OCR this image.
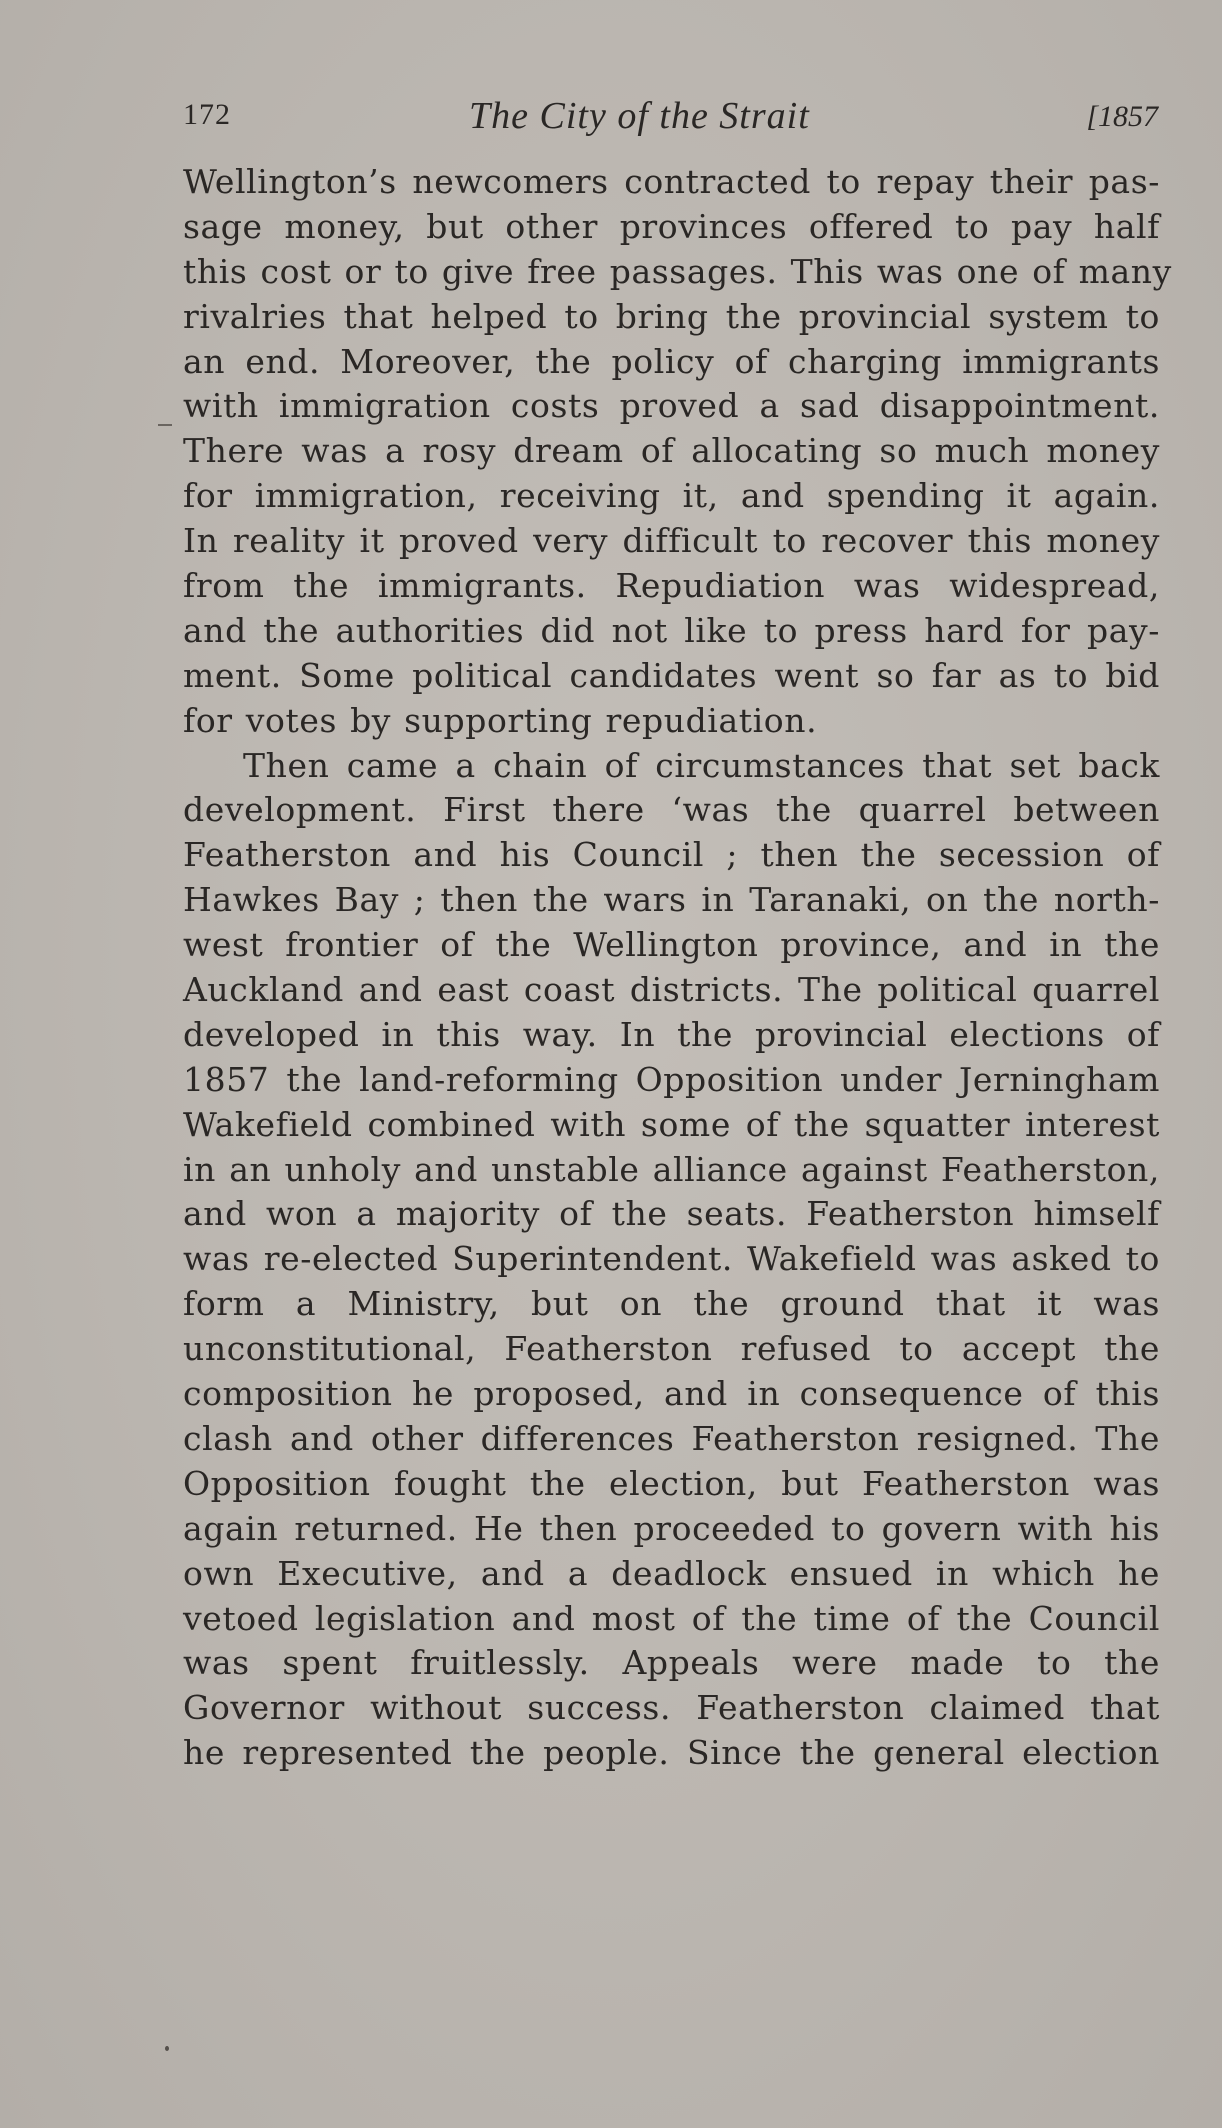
172	The City of the Strait	[1857
Wellington’s newcomers contracted to repay their pas-
sage money, but other provinces offered to pay half
this cost or to give free passages. This was one of many
rivalries that helped to bring the provincial system to
an end. Moreover, the policy of charging immigrants
with immigration costs proved a sad disappointment.
There was a rosy dream of allocating so much money
for immigration, receiving it, and spending it again.
In reality it proved very difficult to recover this money
from the immigrants. Repudiation was widespread,
and the authorities did not like to press hard for pay-
ment. Some political candidates went so far as to bid
for votes by supporting repudiation.
Then came a chain of circumstances that set back
development. First there ‘was the quarrel between
Featherston and his Council ; then the secession of
Hawkes Bay ; then the wars in Taranaki, on the north-
west frontier of the Wellington province, and in the
Auckland and east coast districts. The political quarrel
developed in this way. In the provincial elections of
1857 the land-reforming Opposition under Jerningham
Wakefield combined with some of the squatter interest
in an unholy and unstable alliance against Featherston,
and won a majority of the seats. Featherston himself
was re-elected Superintendent. Wakefield was asked to
form a Ministry, but on the ground that it was
unconstitutional, Featherston refused to accept the
composition he proposed, and in consequence of this
clash and other differences Featherston resigned. The
Opposition fought the election, but Featherston was
again returned. He then proceeded to govern with his
own Executive, and a deadlock ensued in which he
vetoed legislation and most of the time of the Council
was spent fruitlessly. Appeals were made to the
Governor without success. Featherston claimed that
he represented the people. Since the general election
